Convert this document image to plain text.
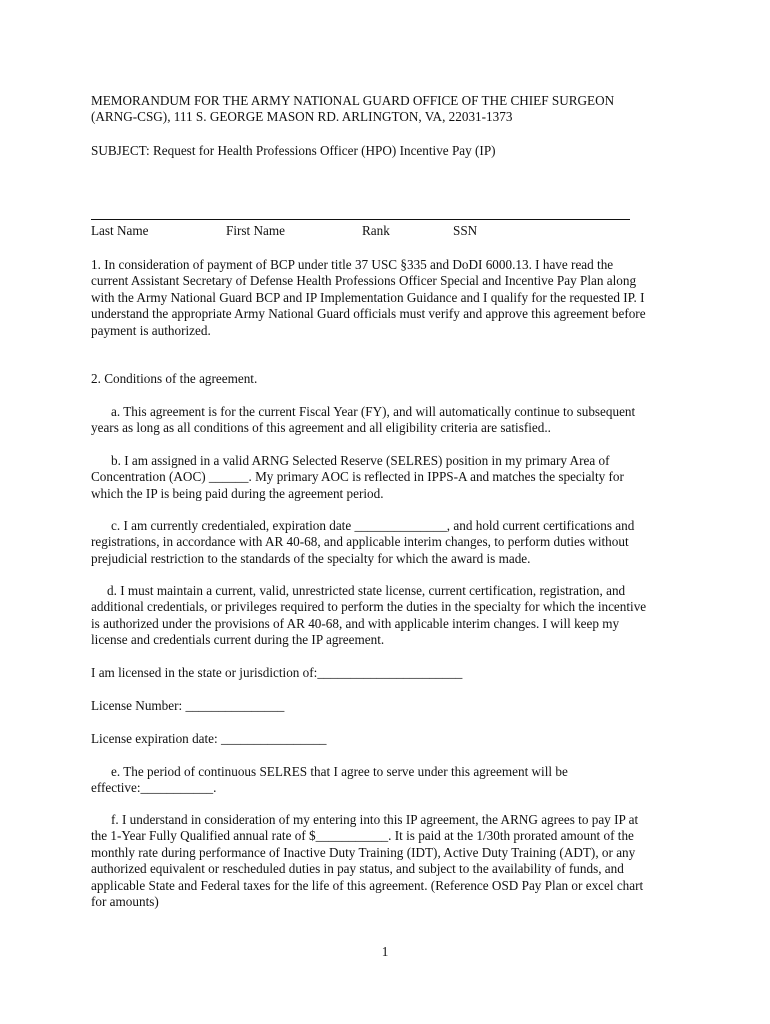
MEMORANDUM FOR THE ARMY NATIONAL GUARD OFFICE OF THE CHIEF SURGEON
(ARNG-CSG), 111 S. GEORGE MASON RD. ARLINGTON, VA, 22031-1373
SUBJECT: Request for Health Professions Officer (HPO) Incentive Pay (IP)
Last Name	First Name	Rank	SSN
1. In consideration of payment of BCP under title 37 USC §335 and DoDI 6000.13. I have read the
current Assistant Secretary of Defense Health Professions Officer Special and Incentive Pay Plan along
with the Army National Guard BCP and IP Implementation Guidance and I qualify for the requested IP. I
understand the appropriate Army National Guard officials must verify and approve this agreement before
payment is authorized.
2. Conditions of the agreement.
a. This agreement is for the current Fiscal Year (FY), and will automatically continue to subsequent
years as long as all conditions of this agreement and all eligibility criteria are satisfied..
b. I am assigned in a valid ARNG Selected Reserve (SELRES) position in my primary Area of
Concentration (AOC) ______. My primary AOC is reflected in IPPS-A and matches the specialty for
which the IP is being paid during the agreement period.
c. I am currently credentialed, expiration date ______________, and hold current certifications and
registrations, in accordance with AR 40-68, and applicable interim changes, to perform duties without
prejudicial restriction to the standards of the specialty for which the award is made.
d. I must maintain a current, valid, unrestricted state license, current certification, registration, and
additional credentials, or privileges required to perform the duties in the specialty for which the incentive
is authorized under the provisions of AR 40-68, and with applicable interim changes. I will keep my
license and credentials current during the IP agreement.
I am licensed in the state or jurisdiction of:______________________
License Number: _______________
License expiration date: ________________
e. The period of continuous SELRES that I agree to serve under this agreement will be
effective:___________.
f. I understand in consideration of my entering into this IP agreement, the ARNG agrees to pay IP at
the 1-Year Fully Qualified annual rate of $___________. It is paid at the 1/30th prorated amount of the
monthly rate during performance of Inactive Duty Training (IDT), Active Duty Training (ADT), or any
authorized equivalent or rescheduled duties in pay status, and subject to the availability of funds, and
applicable State and Federal taxes for the life of this agreement. (Reference OSD Pay Plan or excel chart
for amounts)
1
